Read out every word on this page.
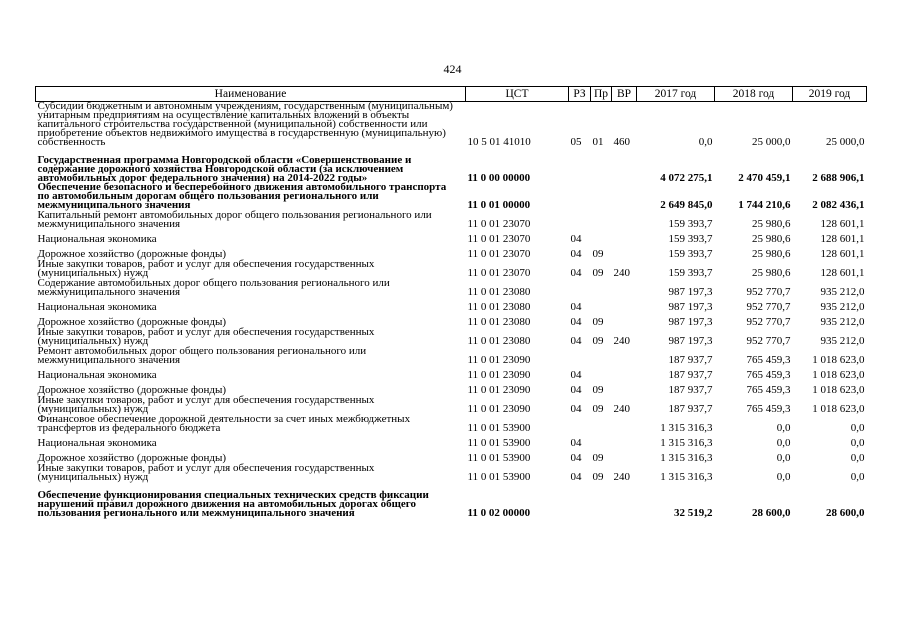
424
Наименование	ЦСТ	РЗ	Пр	ВР	2017 год	2018 год	2019 год
Субсидии бюджетным и автономным учреждениям, государственным (муниципальным) унитарным предприятиям на осуществление капитальных вложений в объекты капитального строительства государственной (муниципальной) собственности или приобретение объектов недвижимого имущества в государственную (муниципальную) собственность	10 5 01 41010	05	01	460	0,0	25 000,0	25 000,0
Государственная программа Новгородской области «Совершенствование и содержание дорожного хозяйства Новгородской области (за исключением автомобильных дорог федерального значения) на 2014-2022 годы»	11 0 00 00000				4 072 275,1	2 470 459,1	2 688 906,1
Обеспечение безопасного и бесперебойного движения автомобильного транспорта по автомобильным дорогам общего пользования регионального или межмуниципального значения	11 0 01 00000				2 649 845,0	1 744 210,6	2 082 436,1
Капитальный ремонт автомобильных дорог общего пользования регионального или межмуниципального значения	11 0 01 23070				159 393,7	25 980,6	128 601,1
Национальная экономика	11 0 01 23070	04			159 393,7	25 980,6	128 601,1
Дорожное хозяйство (дорожные фонды)	11 0 01 23070	04	09		159 393,7	25 980,6	128 601,1
Иные закупки товаров, работ и услуг для обеспечения государственных (муниципальных) нужд	11 0 01 23070	04	09	240	159 393,7	25 980,6	128 601,1
Содержание автомобильных дорог общего пользования регионального или межмуниципального значения	11 0 01 23080				987 197,3	952 770,7	935 212,0
Национальная экономика	11 0 01 23080	04			987 197,3	952 770,7	935 212,0
Дорожное хозяйство (дорожные фонды)	11 0 01 23080	04	09		987 197,3	952 770,7	935 212,0
Иные закупки товаров, работ и услуг для обеспечения государственных (муниципальных) нужд	11 0 01 23080	04	09	240	987 197,3	952 770,7	935 212,0
Ремонт автомобильных дорог общего пользования регионального или межмуниципального значения	11 0 01 23090				187 937,7	765 459,3	1 018 623,0
Национальная экономика	11 0 01 23090	04			187 937,7	765 459,3	1 018 623,0
Дорожное хозяйство (дорожные фонды)	11 0 01 23090	04	09		187 937,7	765 459,3	1 018 623,0
Иные закупки товаров, работ и услуг для обеспечения государственных (муниципальных) нужд	11 0 01 23090	04	09	240	187 937,7	765 459,3	1 018 623,0
Финансовое обеспечение дорожной деятельности за счет иных межбюджетных трансфертов из федерального бюджета	11 0 01 53900				1 315 316,3	0,0	0,0
Национальная экономика	11 0 01 53900	04			1 315 316,3	0,0	0,0
Дорожное хозяйство (дорожные фонды)	11 0 01 53900	04	09		1 315 316,3	0,0	0,0
Иные закупки товаров, работ и услуг для обеспечения государственных (муниципальных) нужд	11 0 01 53900	04	09	240	1 315 316,3	0,0	0,0
Обеспечение функционирования специальных технических средств фиксации нарушений правил дорожного движения на автомобильных дорогах общего пользования регионального или межмуниципального значения	11 0 02 00000				32 519,2	28 600,0	28 600,0
